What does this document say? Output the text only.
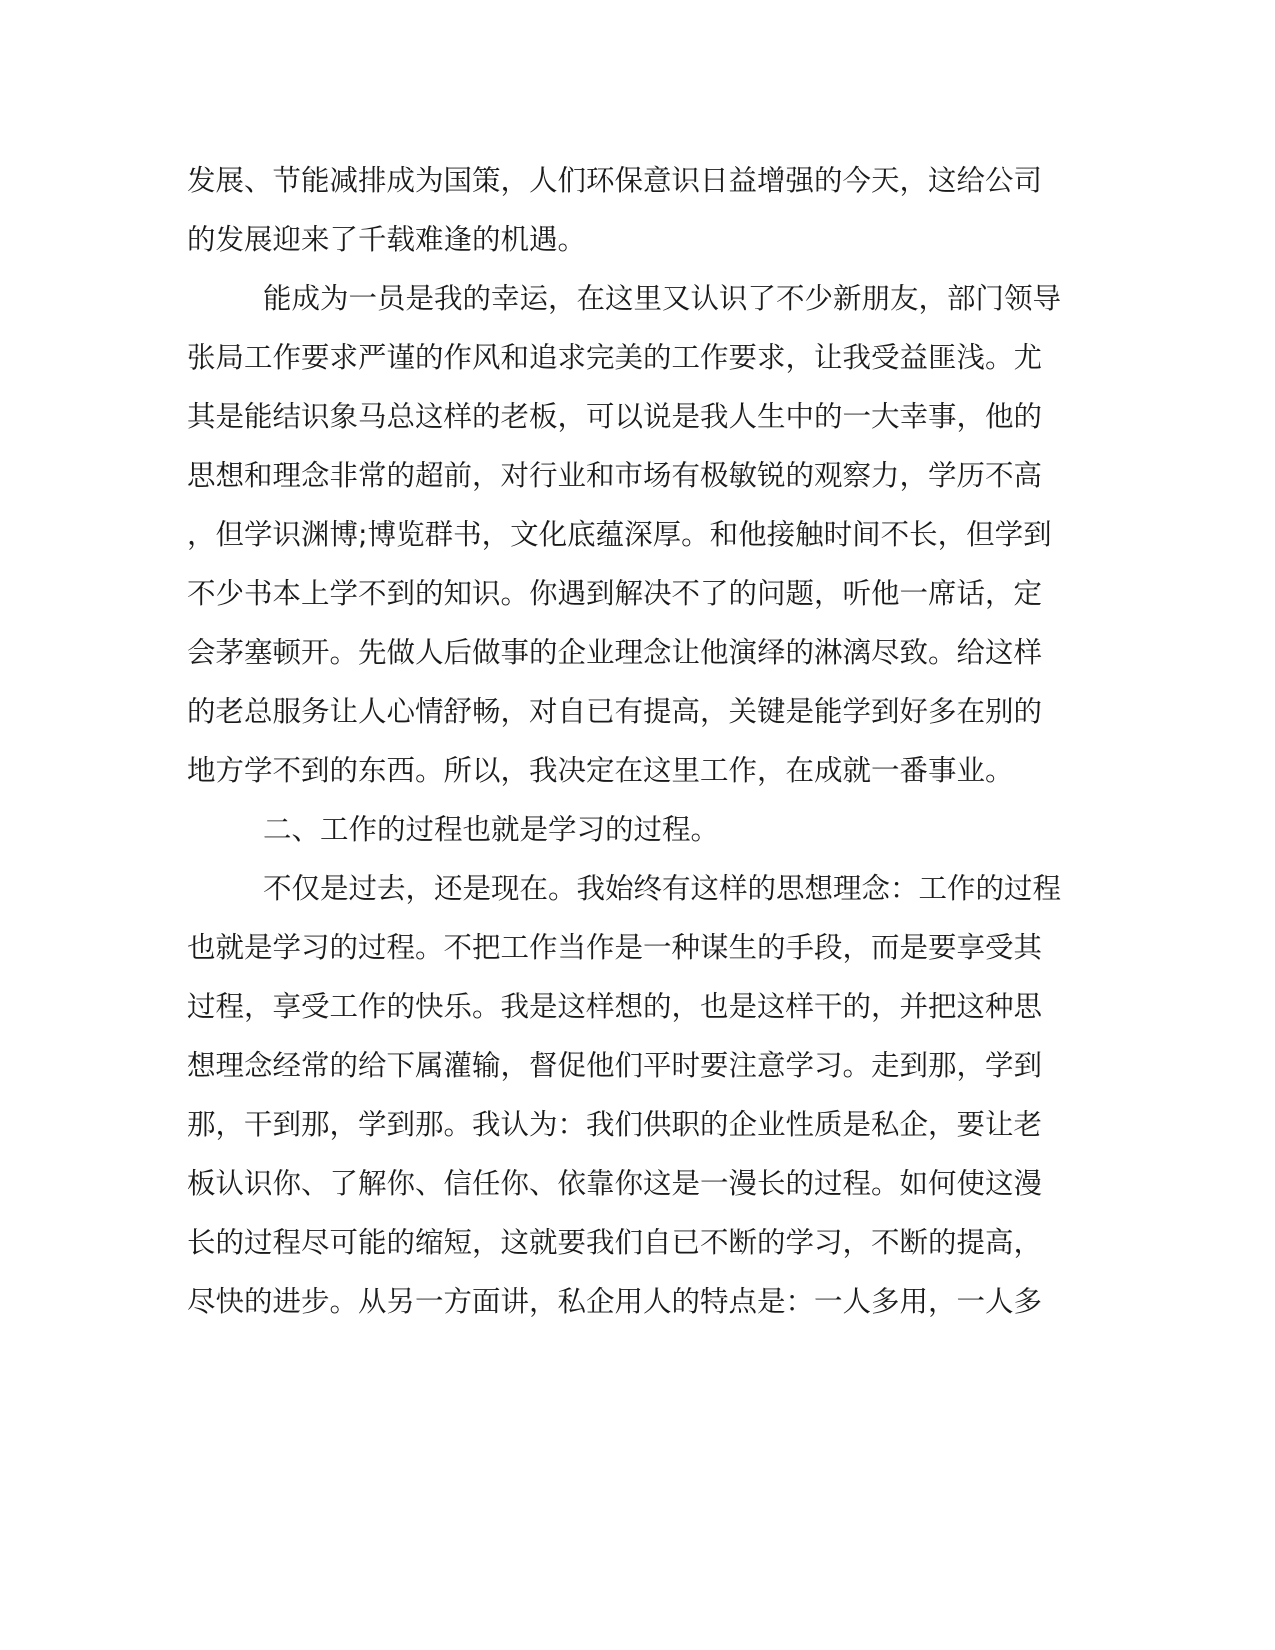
发展、节能减排成为国策，人们环保意识日益增强的今天，这给公司
的发展迎来了千载难逢的机遇。
能成为一员是我的幸运，在这里又认识了不少新朋友，部门领导
张局工作要求严谨的作风和追求完美的工作要求，让我受益匪浅。尤
其是能结识象马总这样的老板，可以说是我人生中的一大幸事，他的
思想和理念非常的超前，对行业和市场有极敏锐的观察力，学历不高
，但学识渊博;博览群书，文化底蕴深厚。和他接触时间不长，但学到
不少书本上学不到的知识。你遇到解决不了的问题，听他一席话，定
会茅塞顿开。先做人后做事的企业理念让他演绎的淋漓尽致。给这样
的老总服务让人心情舒畅，对自已有提高，关键是能学到好多在别的
地方学不到的东西。所以，我决定在这里工作，在成就一番事业。
二、工作的过程也就是学习的过程。
不仅是过去，还是现在。我始终有这样的思想理念：工作的过程
也就是学习的过程。不把工作当作是一种谋生的手段，而是要享受其
过程，享受工作的快乐。我是这样想的，也是这样干的，并把这种思
想理念经常的给下属灌输，督促他们平时要注意学习。走到那，学到
那，干到那，学到那。我认为：我们供职的企业性质是私企，要让老
板认识你、了解你、信任你、依靠你这是一漫长的过程。如何使这漫
长的过程尽可能的缩短，这就要我们自已不断的学习，不断的提高，
尽快的进步。从另一方面讲，私企用人的特点是：一人多用，一人多
